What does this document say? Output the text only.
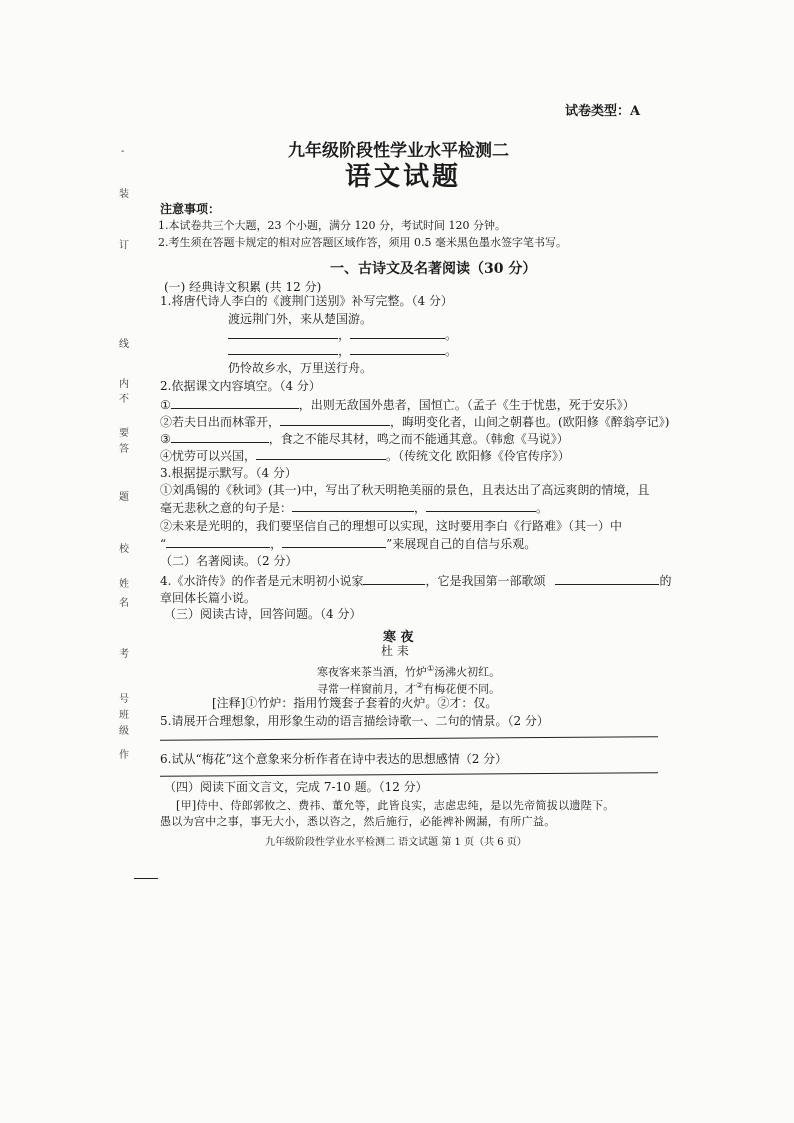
-
装
订
线
内
不
要
答
题
校
姓
名
考
号
班
级
作
试卷类型：A
九年级阶段性学业水平检测二
语文试题
注意事项：
1.本试卷共三个大题，23 个小题，满分 120 分，考试时间 120 分钟。
2.考生须在答题卡规定的相对应答题区域作答，须用 0.5 毫米黑色墨水签字笔书写。
一、古诗文及名著阅读（30 分）
(一) 经典诗文积累 (共 12 分)
1.将唐代诗人李白的《渡荆门送别》补写完整。（4 分）
渡远荆门外，来从楚国游。
，	。
，	。
仍怜故乡水，万里送行舟。
2.依据课文内容填空。（4 分）
①	，出则无敌国外患者，国恒亡。（孟子《生于忧患，死于安乐》）
②若夫日出而林霏开，	，晦明变化者，山间之朝暮也。(欧阳修《醉翁亭记》)
③	，食之不能尽其材，鸣之而不能通其意。（韩愈《马说》）
④忧劳可以兴国，	。（传统文化 欧阳修《伶官传序》）
3.根据提示默写。（4 分）
①刘禹锡的《秋词》(其一)中，写出了秋天明艳美丽的景色，且表达出了高远爽朗的情境，且
毫无悲秋之意的句子是：	，	。
②未来是光明的，我们要坚信自己的理想可以实现，这时要用李白《行路难》（其一）中
“	，	”来展现自己的自信与乐观。
（二）名著阅读。（2 分）
4.《水浒传》的作者是元末明初小说家	，它是我国第一部歌颂	的
章回体长篇小说。
（三）阅读古诗，回答问题。（4 分）
寒 夜
杜 耒
寒夜客来茶当酒，竹炉①汤沸火初红。
寻常一样窗前月，才②有梅花便不同。
[注释]①竹炉：指用竹篾套子套着的火炉。②才：仅。
5.请展开合理想象，用形象生动的语言描绘诗歌一、二句的情景。（2 分）
6.试从“梅花”这个意象来分析作者在诗中表达的思想感情（2 分）
（四）阅读下面文言文，完成 7-10 题。（12 分）
[甲]侍中、侍郎郭攸之、费祎、董允等，此皆良实，志虑忠纯，是以先帝简拔以遗陛下。
愚以为宫中之事，事无大小，悉以咨之，然后施行，必能裨补阙漏，有所广益。
九年级阶段性学业水平检测二 语文试题 第 1 页（共 6 页）
